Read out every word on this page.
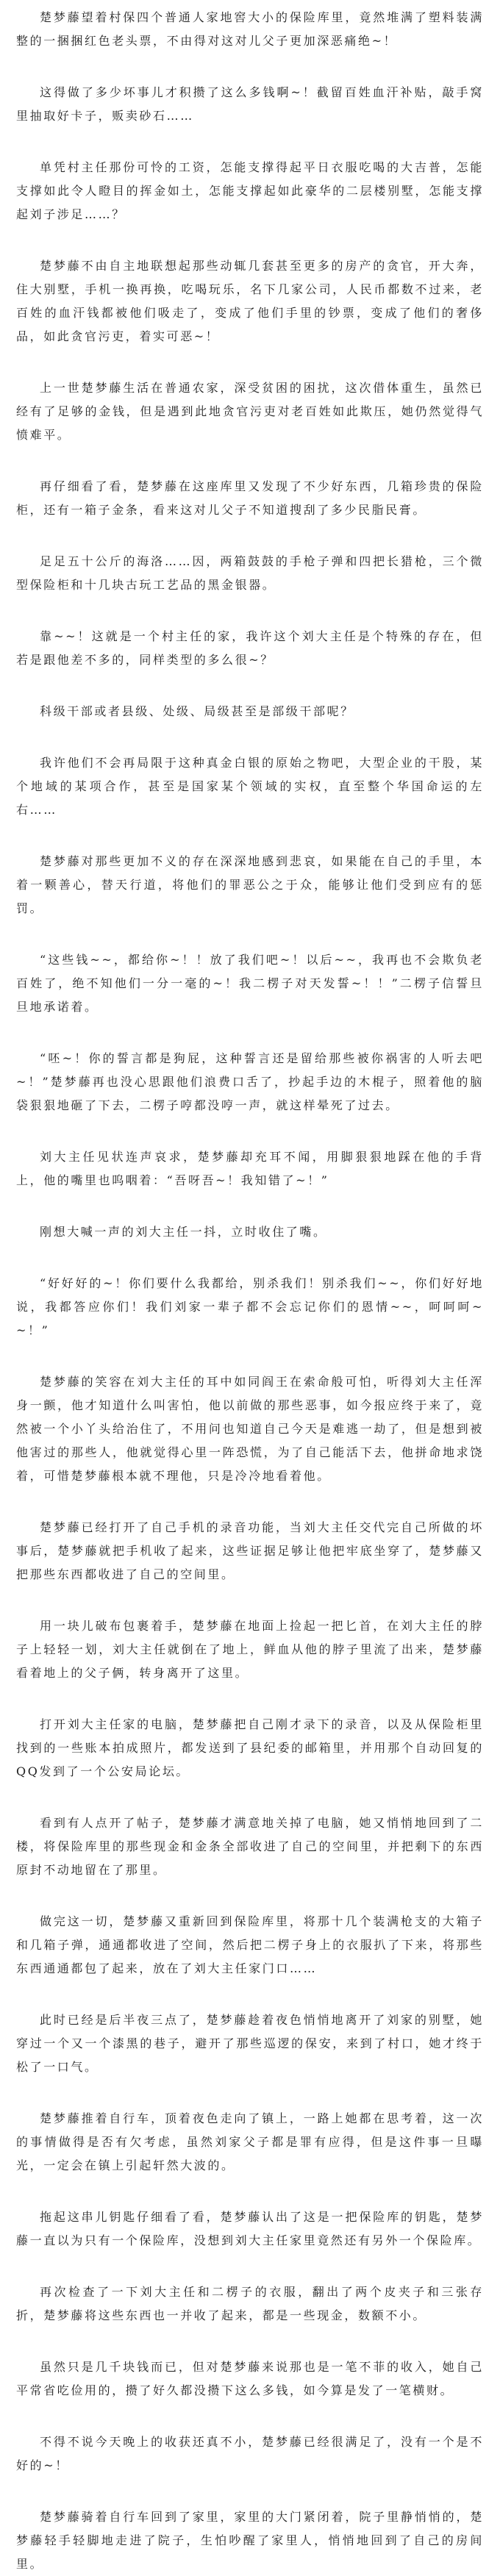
楚梦藤望着村保四个普通人家地窖大小的保险库里，竟然堆满了塑料装满整的一捆捆红色老头票，不由得对这对儿父子更加深恶痛绝~！

这得做了多少坏事儿才积攒了这么多钱啊~！截留百姓血汗补贴，敲手窝里抽取好卡子，贩卖砂石……

单凭村主任那份可怜的工资，怎能支撑得起平日衣服吃喝的大吉普，怎能支撑如此令人瞪目的挥金如土，怎能支撑起如此豪华的二层楼别墅，怎能支撑起刘子涉足……？

楚梦藤不由自主地联想起那些动辄几套甚至更多的房产的贪官，开大奔，住大别墅，手机一换再换，吃喝玩乐，名下几家公司，人民币都数不过来，老百姓的血汗钱都被他们吸走了，变成了他们手里的钞票，变成了他们的奢侈品，如此贪官污吏，着实可恶~！

上一世楚梦藤生活在普通农家，深受贫困的困扰，这次借体重生，虽然已经有了足够的金钱，但是遇到此地贪官污吏对老百姓如此欺压，她仍然觉得气愤难平。

再仔细看了看，楚梦藤在这座库里又发现了不少好东西，几箱珍贵的保险柜，还有一箱子金条，看来这对儿父子不知道搜刮了多少民脂民膏。

足足五十公斤的海洛……因，两箱鼓鼓的手枪子弹和四把长猎枪，三个微型保险柜和十几块古玩工艺品的黑金银器。

靠~~！这就是一个村主任的家，我许这个刘大主任是个特殊的存在，但若是跟他差不多的，同样类型的多么很~？

科级干部或者县级、处级、局级甚至是部级干部呢？

我许他们不会再局限于这种真金白银的原始之物吧，大型企业的干股，某个地域的某项合作，甚至是国家某个领域的实权，直至整个华国命运的左右……

楚梦藤对那些更加不义的存在深深地感到悲哀，如果能在自己的手里，本着一颗善心，替天行道，将他们的罪恶公之于众，能够让他们受到应有的惩罚。

“这些钱~~，都给你~！！放了我们吧~！以后~~，我再也不会欺负老百姓了，绝不知他们一分一毫的~！我二楞子对天发誓~！！”二楞子信誓旦旦地承诺着。

“呸~！你的誓言都是狗屁，这种誓言还是留给那些被你祸害的人听去吧~！”楚梦藤再也没心思跟他们浪费口舌了，抄起手边的木棍子，照着他的脑袋狠狠地砸了下去，二楞子哼都没哼一声，就这样晕死了过去。

刘大主任见状连声哀求，楚梦藤却充耳不闻，用脚狠狠地踩在他的手背上，他的嘴里也呜咽着：“吾呀吾~！我知错了~！”

刚想大喊一声的刘大主任一抖，立时收住了嘴。

“好好好的~！你们要什么我都给，别杀我们！别杀我们~~，你们好好地说，我都答应你们！我们刘家一辈子都不会忘记你们的恩情~~，呵呵呵~~！”

楚梦藤的笑容在刘大主任的耳中如同阎王在索命般可怕，听得刘大主任浑身一颤，他才知道什么叫害怕，他以前做的那些恶事，如今报应终于来了，竟然被一个小丫头给治住了，不用问也知道自己今天是难逃一劫了，但是想到被他害过的那些人，他就觉得心里一阵恐慌，为了自己能活下去，他拼命地求饶着，可惜楚梦藤根本就不理他，只是冷冷地看着他。

楚梦藤已经打开了自己手机的录音功能，当刘大主任交代完自己所做的坏事后，楚梦藤就把手机收了起来，这些证据足够让他把牢底坐穿了，楚梦藤又把那些东西都收进了自己的空间里。

用一块儿破布包裹着手，楚梦藤在地面上捡起一把匕首，在刘大主任的脖子上轻轻一划，刘大主任就倒在了地上，鲜血从他的脖子里流了出来，楚梦藤看着地上的父子俩，转身离开了这里。

打开刘大主任家的电脑，楚梦藤把自己刚才录下的录音，以及从保险柜里找到的一些账本拍成照片，都发送到了县纪委的邮箱里，并用那个自动回复的QQ发到了一个公安局论坛。

看到有人点开了帖子，楚梦藤才满意地关掉了电脑，她又悄悄地回到了二楼，将保险库里的那些现金和金条全部收进了自己的空间里，并把剩下的东西原封不动地留在了那里。

做完这一切，楚梦藤又重新回到保险库里，将那十几个装满枪支的大箱子和几箱子弹，通通都收进了空间，然后把二楞子身上的衣服扒了下来，将那些东西通通都包了起来，放在了刘大主任家门口……

此时已经是后半夜三点了，楚梦藤趁着夜色悄悄地离开了刘家的别墅，她穿过一个又一个漆黑的巷子，避开了那些巡逻的保安，来到了村口，她才终于松了一口气。

楚梦藤推着自行车，顶着夜色走向了镇上，一路上她都在思考着，这一次的事情做得是否有欠考虑，虽然刘家父子都是罪有应得，但是这件事一旦曝光，一定会在镇上引起轩然大波的。

拖起这串儿钥匙仔细看了看，楚梦藤认出了这是一把保险库的钥匙，楚梦藤一直以为只有一个保险库，没想到刘大主任家里竟然还有另外一个保险库。

再次检查了一下刘大主任和二楞子的衣服，翻出了两个皮夹子和三张存折，楚梦藤将这些东西也一并收了起来，都是一些现金，数额不小。

虽然只是几千块钱而已，但对楚梦藤来说那也是一笔不菲的收入，她自己平常省吃俭用的，攒了好久都没攒下这么多钱，如今算是发了一笔横财。

不得不说今天晚上的收获还真不小，楚梦藤已经很满足了，没有一个是不好的~！

楚梦藤骑着自行车回到了家里，家里的大门紧闭着，院子里静悄悄的，楚梦藤轻手轻脚地走进了院子，生怕吵醒了家里人，悄悄地回到了自己的房间里。
